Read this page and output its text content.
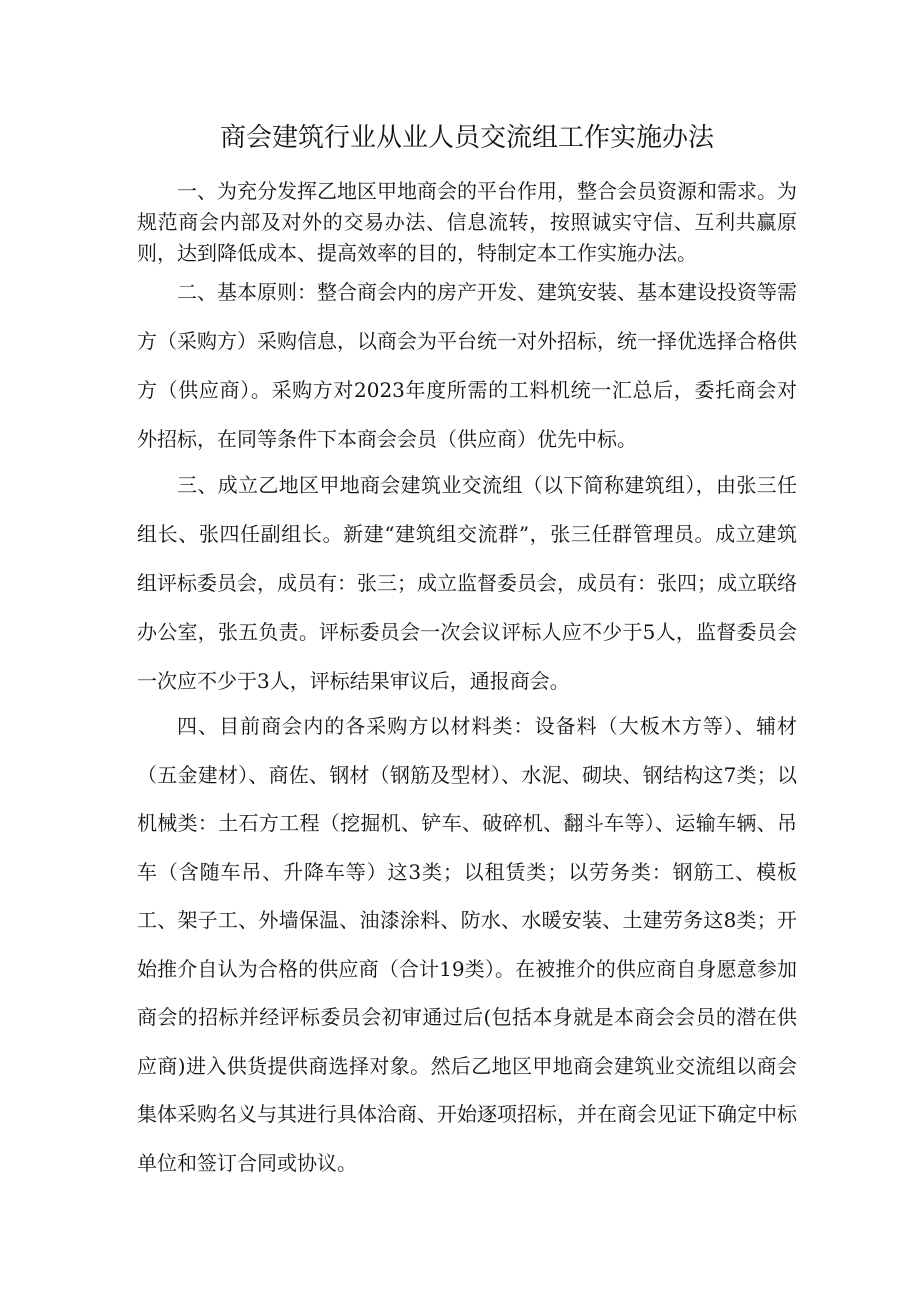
商会建筑行业从业人员交流组工作实施办法

一、为充分发挥乙地区甲地商会的平台作用，整合会员资源和需求。为规范商会内部及对外的交易办法、信息流转，按照诚实守信、互利共赢原则，达到降低成本、提高效率的目的，特制定本工作实施办法。

二、基本原则：整合商会内的房产开发、建筑安装、基本建设投资等需方（采购方）采购信息，以商会为平台统一对外招标，统一择优选择合格供方（供应商）。采购方对2023年度所需的工料机统一汇总后，委托商会对外招标，在同等条件下本商会会员（供应商）优先中标。

三、成立乙地区甲地商会建筑业交流组（以下简称建筑组），由张三任组长、张四任副组长。新建“建筑组交流群”，张三任群管理员。成立建筑组评标委员会，成员有：张三；成立监督委员会，成员有：张四；成立联络办公室，张五负责。评标委员会一次会议评标人应不少于5人，监督委员会一次应不少于3人，评标结果审议后，通报商会。

四、目前商会内的各采购方以材料类：设备料（大板木方等）、辅材（五金建材）、商佐、钢材（钢筋及型材）、水泥、砌块、钢结构这7类；以机械类：土石方工程（挖掘机、铲车、破碎机、翻斗车等）、运输车辆、吊车（含随车吊、升降车等）这3类；以租赁类；以劳务类：钢筋工、模板工、架子工、外墙保温、油漆涂料、防水、水暖安装、土建劳务这8类；开始推介自认为合格的供应商（合计19类）。在被推介的供应商自身愿意参加商会的招标并经评标委员会初审通过后(包括本身就是本商会会员的潜在供应商)进入供货提供商选择对象。然后乙地区甲地商会建筑业交流组以商会集体采购名义与其进行具体洽商、开始逐项招标，并在商会见证下确定中标单位和签订合同或协议。
